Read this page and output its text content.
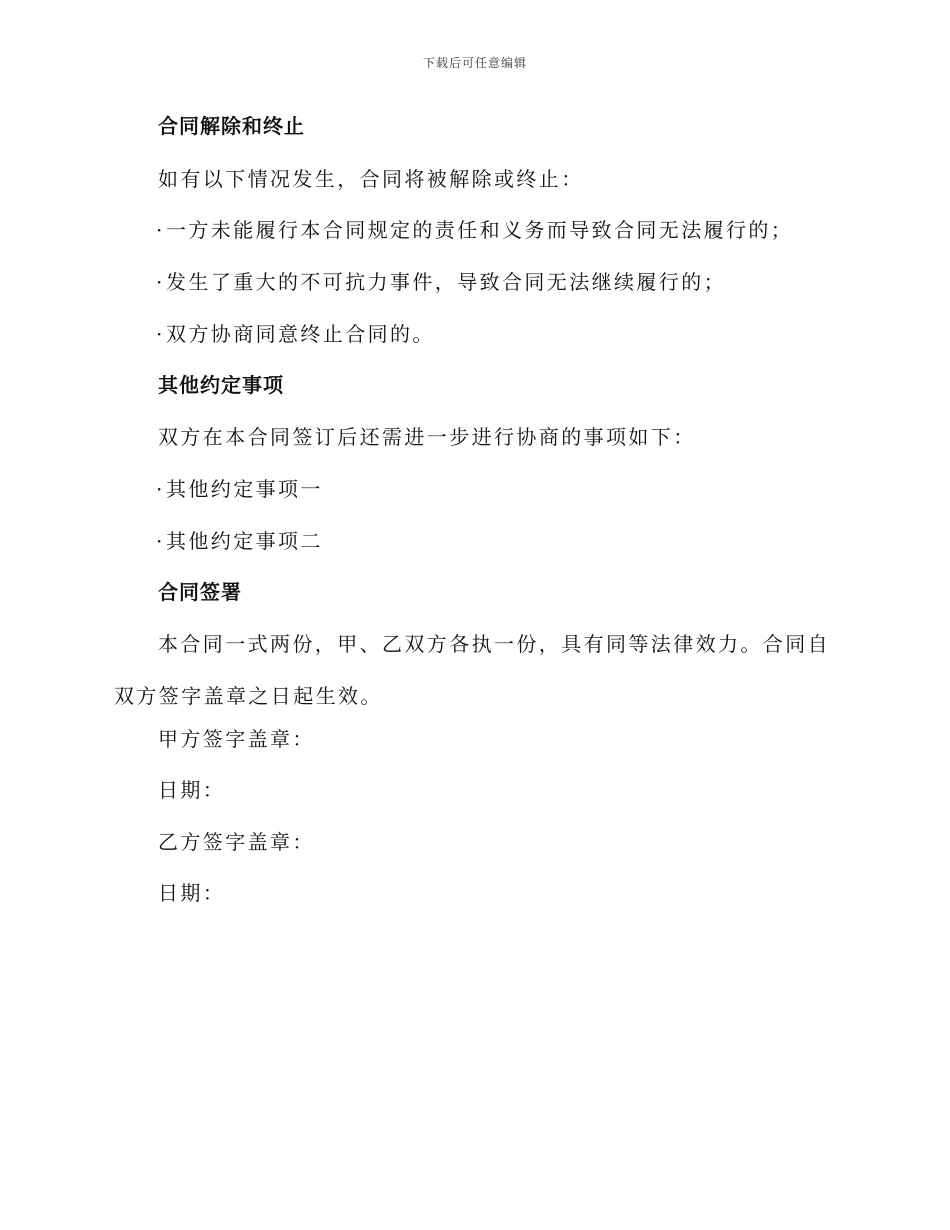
下载后可任意编辑
合同解除和终止
如有以下情况发生，合同将被解除或终止：
·一方未能履行本合同规定的责任和义务而导致合同无法履行的；
·发生了重大的不可抗力事件，导致合同无法继续履行的；
·双方协商同意终止合同的。
其他约定事项
双方在本合同签订后还需进一步进行协商的事项如下：
·其他约定事项一
·其他约定事项二
合同签署

本合同一式两份，甲、乙双方各执一份，具有同等法律效力。合同自双方签字盖章之日起生效。

甲方签字盖章：
日期：
乙方签字盖章：
日期：
